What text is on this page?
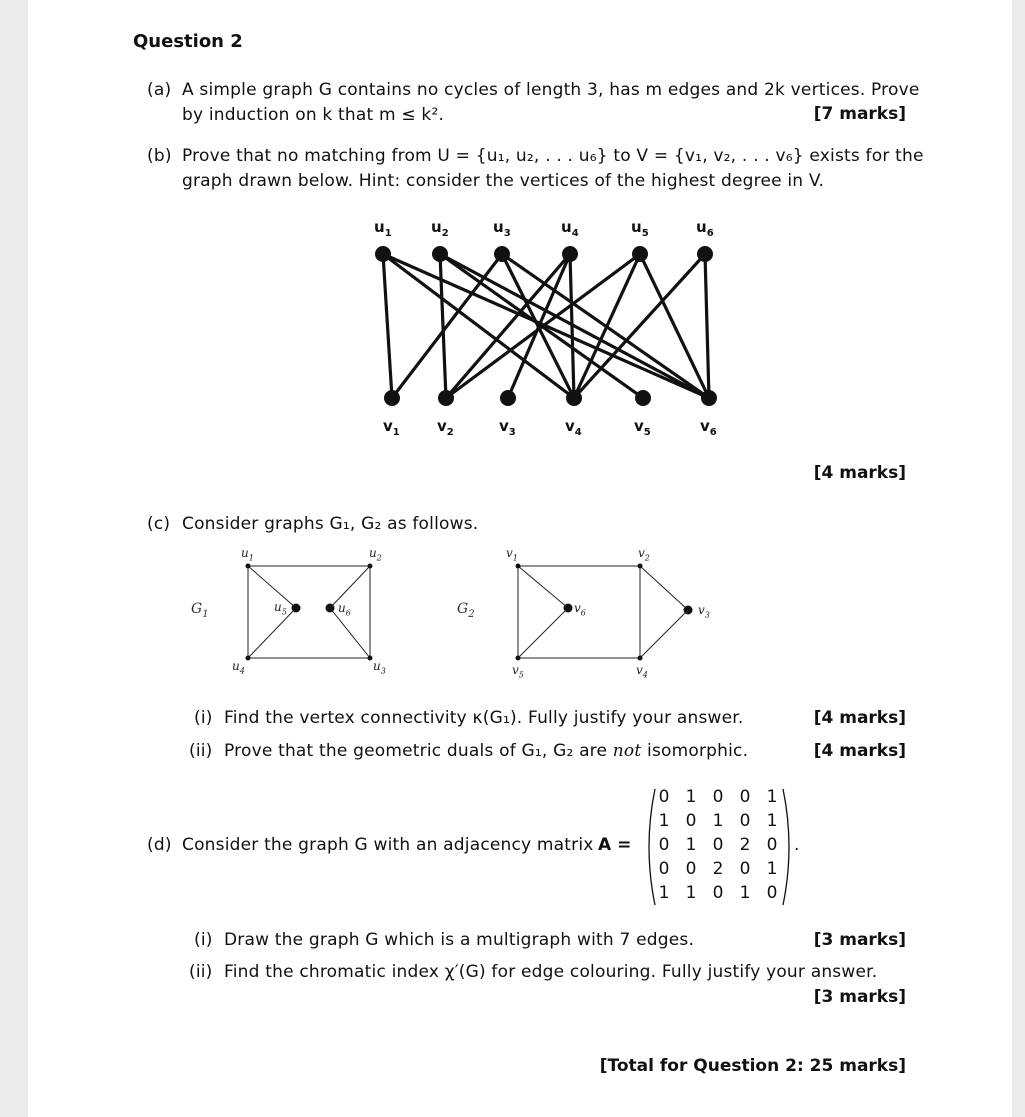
Question 2
(a) A simple graph G contains no cycles of length 3, has m edges and 2k vertices. Prove
by induction on k that m ≤ k².	[7 marks]
(b) Prove that no matching from U = {u₁, u₂, . . . u₆} to V = {v₁, v₂, . . . v₆} exists for the
graph drawn below. Hint: consider the vertices of the highest degree in V.
$u_1$	$u_2$	$u_3$	$u_4$	$u_5$	$u_6$
$v_1$ $v_2$	$v_3$	$v_4$	$v_5$	$v_6$
[4 marks]
(c) Consider graphs G₁, G₂ as follows.
$G_1$
$u_1$	$u_2$
$u_3$
$u_4$
$u_5$	$u_6$	$G_2$
$v_1$	$v_2$
$v_3$
$v_4$
$v_5$
$v_6$
(i) Find the vertex connectivity κ(G₁). Fully justify your answer.	[4 marks]
(ii) Prove that the geometric duals of G₁, G₂ are not isomorphic.	[4 marks]
(d) Consider the graph G with an adjacency matrix A =
0 1 0 0 1
1 0 1 0 1
0 1 0 2 0
0 0 2 0 1
1 1 0 1 0
.
(i) Draw the graph G which is a multigraph with 7 edges.	[3 marks]
(ii) Find the chromatic index χ′(G) for edge colouring. Fully justify your answer.
[3 marks]
[Total for Question 2: 25 marks]
